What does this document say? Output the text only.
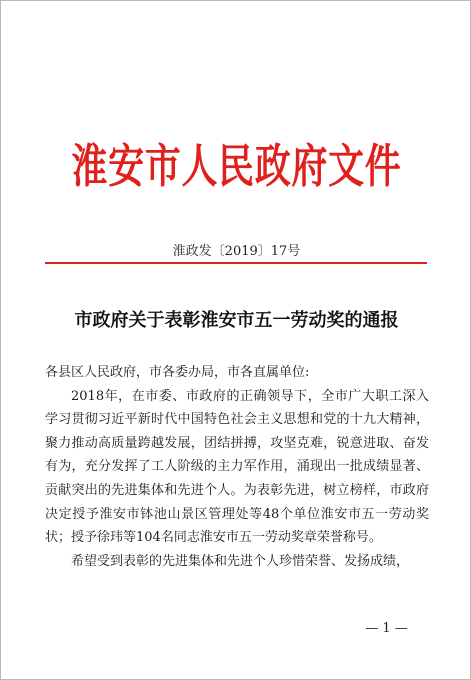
淮安市人民政府文件
淮政发〔2019〕17号
市政府关于表彰淮安市五一劳动奖的通报

各县区人民政府，市各委办局，市各直属单位:

2018年，在市委、市政府的正确领导下，全市广大职工深入学习贯彻习近平新时代中国特色社会主义思想和党的十九大精神，聚力推动高质量跨越发展，团结拼搏，攻坚克难，锐意进取、奋发有为，充分发挥了工人阶级的主力军作用，涌现出一批成绩显著、贡献突出的先进集体和先进个人。为表彰先进，树立榜样，市政府决定授予淮安市钵池山景区管理处等48个单位淮安市五一劳动奖状；授予徐玮等104名同志淮安市五一劳动奖章荣誉称号。

希望受到表彰的先进集体和先进个人珍惜荣誉、发扬成绩，

— 1 —
